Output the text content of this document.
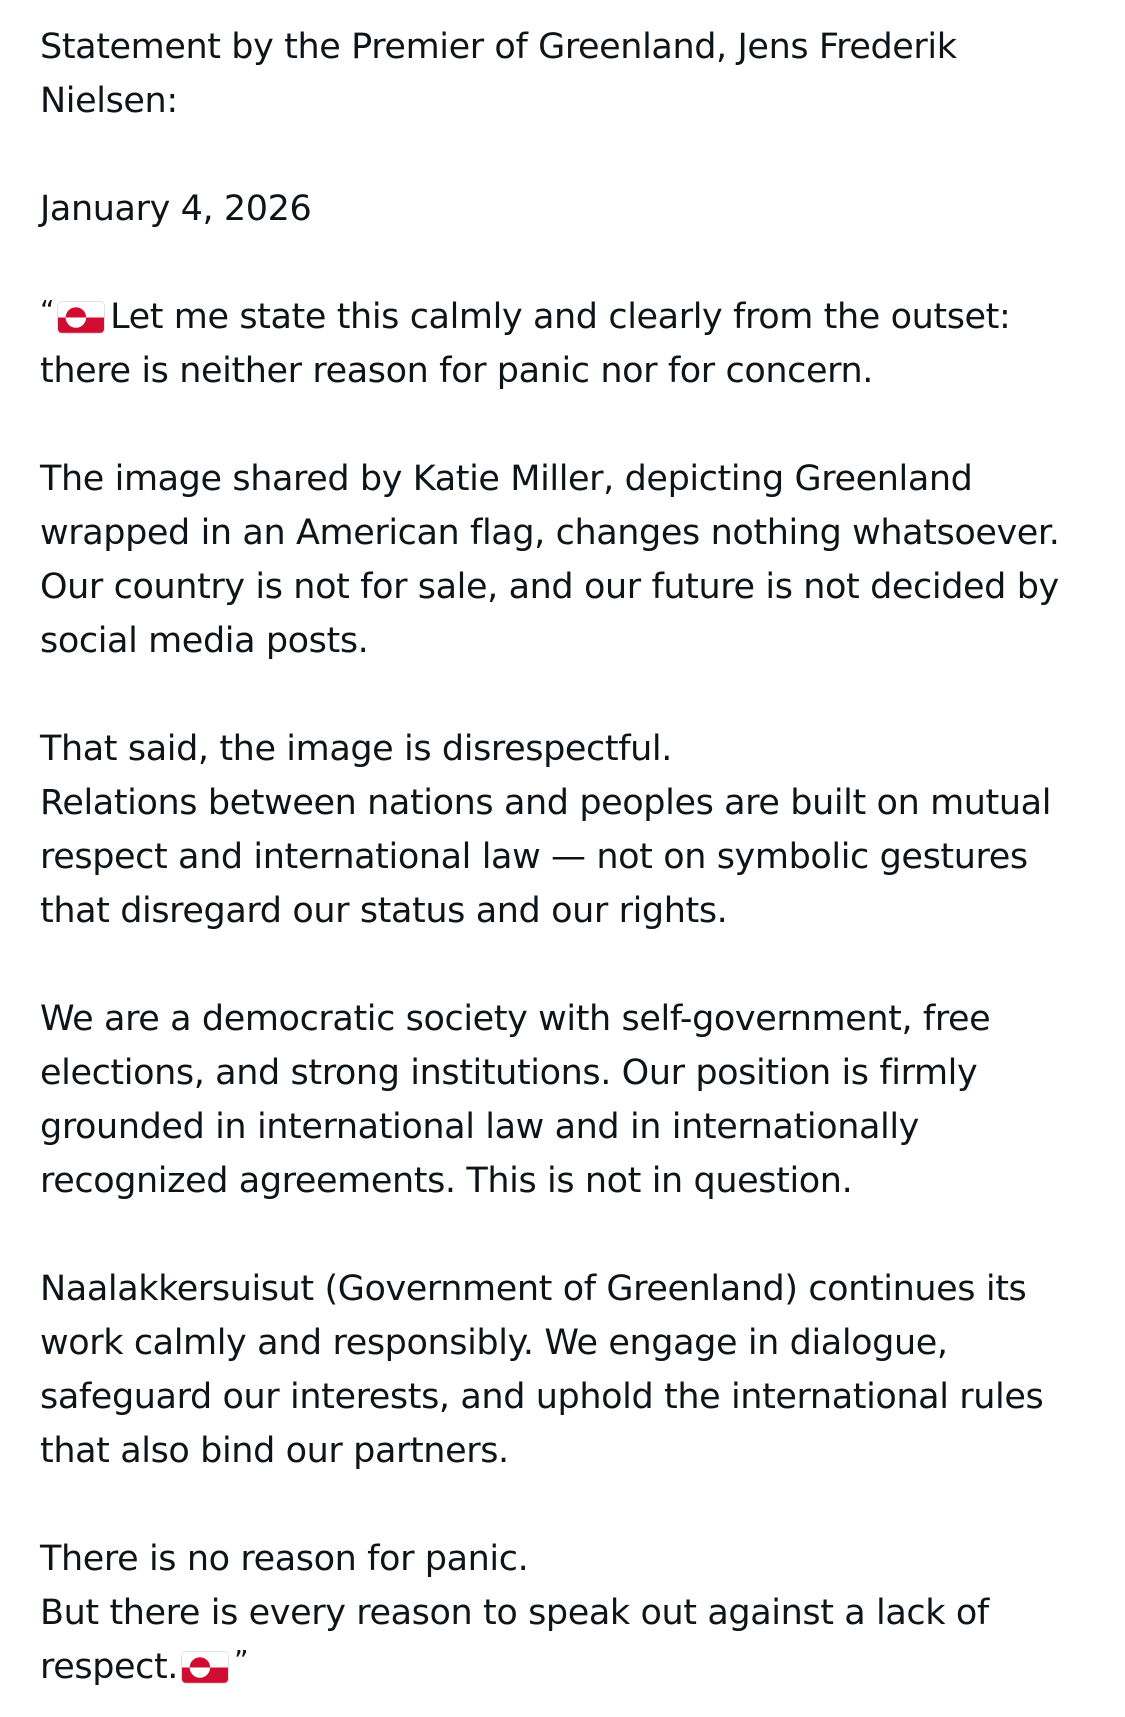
Statement by the Premier of Greenland, Jens Frederik
Nielsen:
January 4, 2026
“ Let me state this calmly and clearly from the outset:
there is neither reason for panic nor for concern.
The image shared by Katie Miller, depicting Greenland
wrapped in an American flag, changes nothing whatsoever.
Our country is not for sale, and our future is not decided by
social media posts.
That said, the image is disrespectful.
Relations between nations and peoples are built on mutual
respect and international law — not on symbolic gestures
that disregard our status and our rights.
We are a democratic society with self-government, free
elections, and strong institutions. Our position is firmly
grounded in international law and in internationally
recognized agreements. This is not in question.
Naalakkersuisut (Government of Greenland) continues its
work calmly and responsibly. We engage in dialogue,
safeguard our interests, and uphold the international rules
that also bind our partners.
There is no reason for panic.
But there is every reason to speak out against a lack of
respect. ”
